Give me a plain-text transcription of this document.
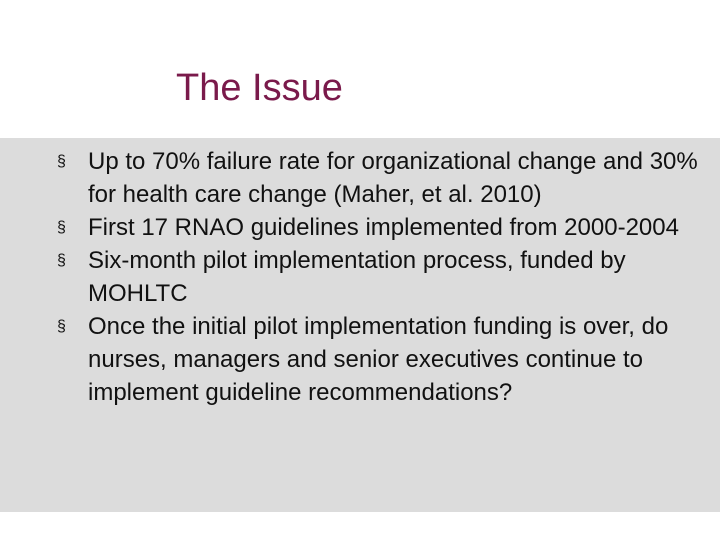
The Issue
§ Up to 70% failure rate for organizational change and 30% for health care change (Maher, et al. 2010)
§ First 17 RNAO guidelines implemented from 2000-2004
§ Six-month pilot implementation process, funded by MOHLTC
§ Once the initial pilot implementation funding is over, do nurses, managers and senior executives continue to implement guideline recommendations?
